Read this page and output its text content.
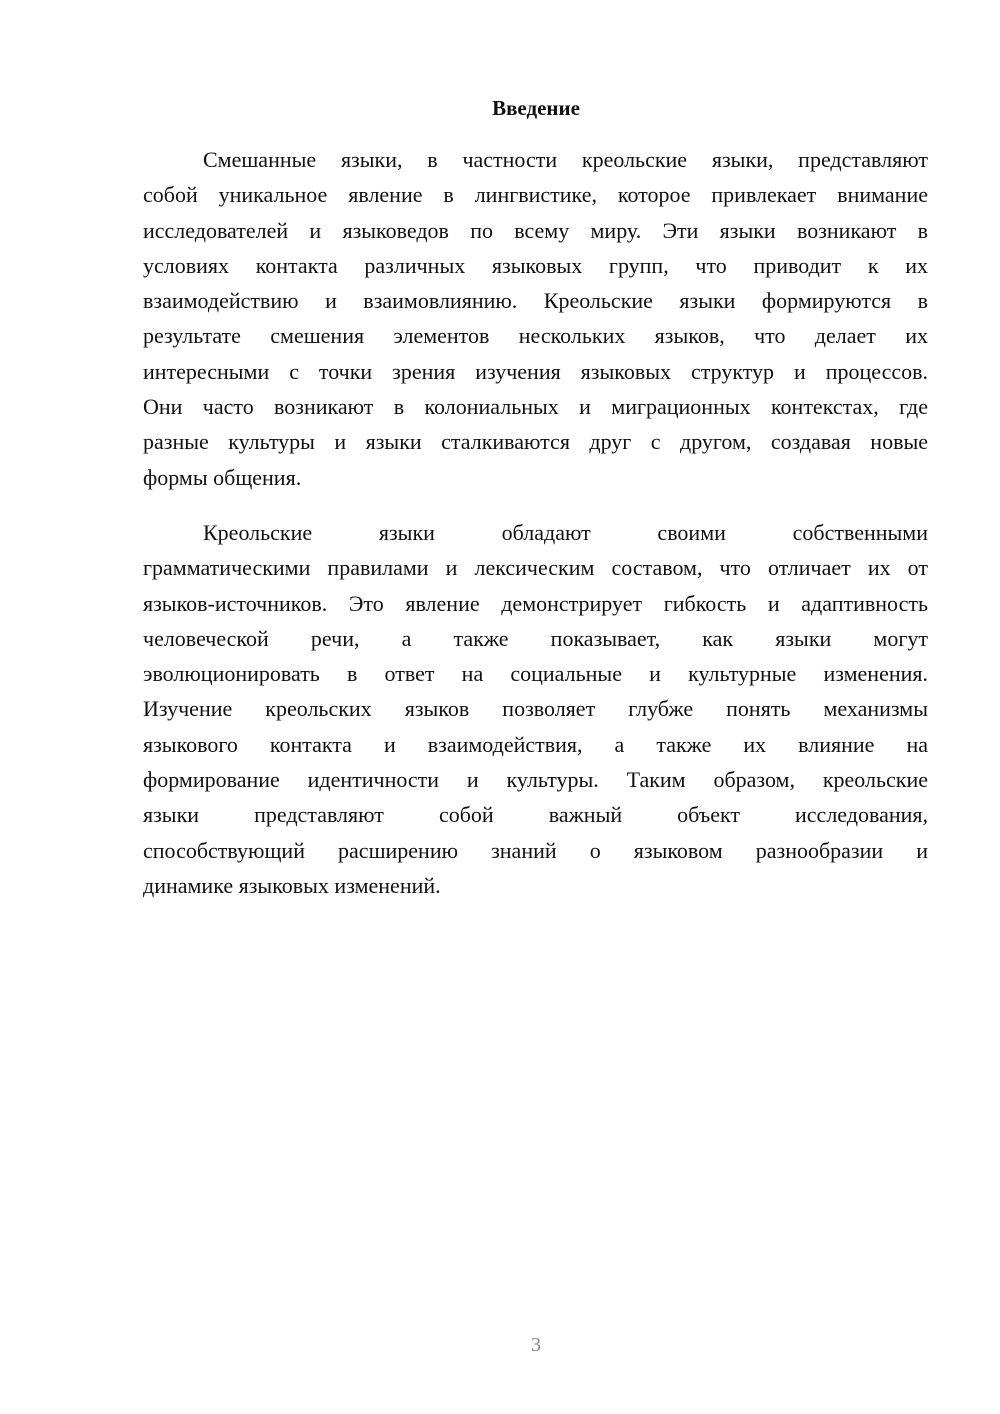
Введение
Смешанные языки, в частности креольские языки, представляют
собой уникальное явление в лингвистике, которое привлекает внимание
исследователей и языковедов по всему миру. Эти языки возникают в
условиях контакта различных языковых групп, что приводит к их
взаимодействию и взаимовлиянию. Креольские языки формируются в
результате смешения элементов нескольких языков, что делает их
интересными с точки зрения изучения языковых структур и процессов.
Они часто возникают в колониальных и миграционных контекстах, где
разные культуры и языки сталкиваются друг с другом, создавая новые
формы общения.
Креольские языки обладают своими собственными
грамматическими правилами и лексическим составом, что отличает их от
языков-источников. Это явление демонстрирует гибкость и адаптивность
человеческой речи, а также показывает, как языки могут
эволюционировать в ответ на социальные и культурные изменения.
Изучение креольских языков позволяет глубже понять механизмы
языкового контакта и взаимодействия, а также их влияние на
формирование идентичности и культуры. Таким образом, креольские
языки представляют собой важный объект исследования,
способствующий расширению знаний о языковом разнообразии и
динамике языковых изменений.
3
